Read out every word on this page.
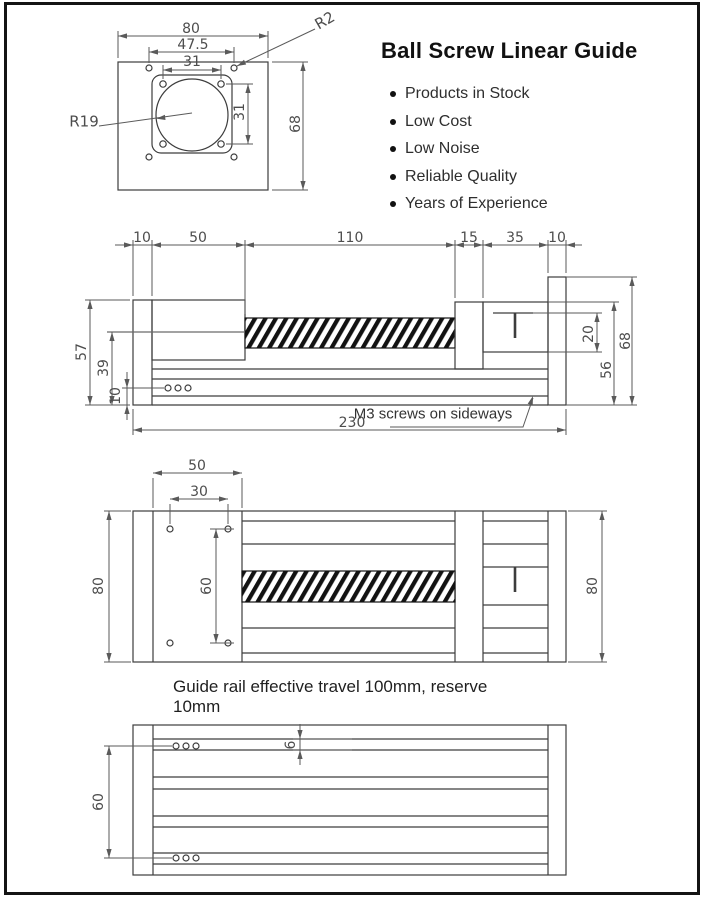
Ball Screw Linear Guide
Products in Stock
Low Cost
Low Noise
Reliable Quality
Years of Experience
80
47.5
31
31
68
R19
R2
10	50	110	15 35 10
57
39
10
20
56
68
230
M3 screws on sideways
50
30
80	60	80
Guide rail effective travel 100mm, reserve 10mm
60
6
